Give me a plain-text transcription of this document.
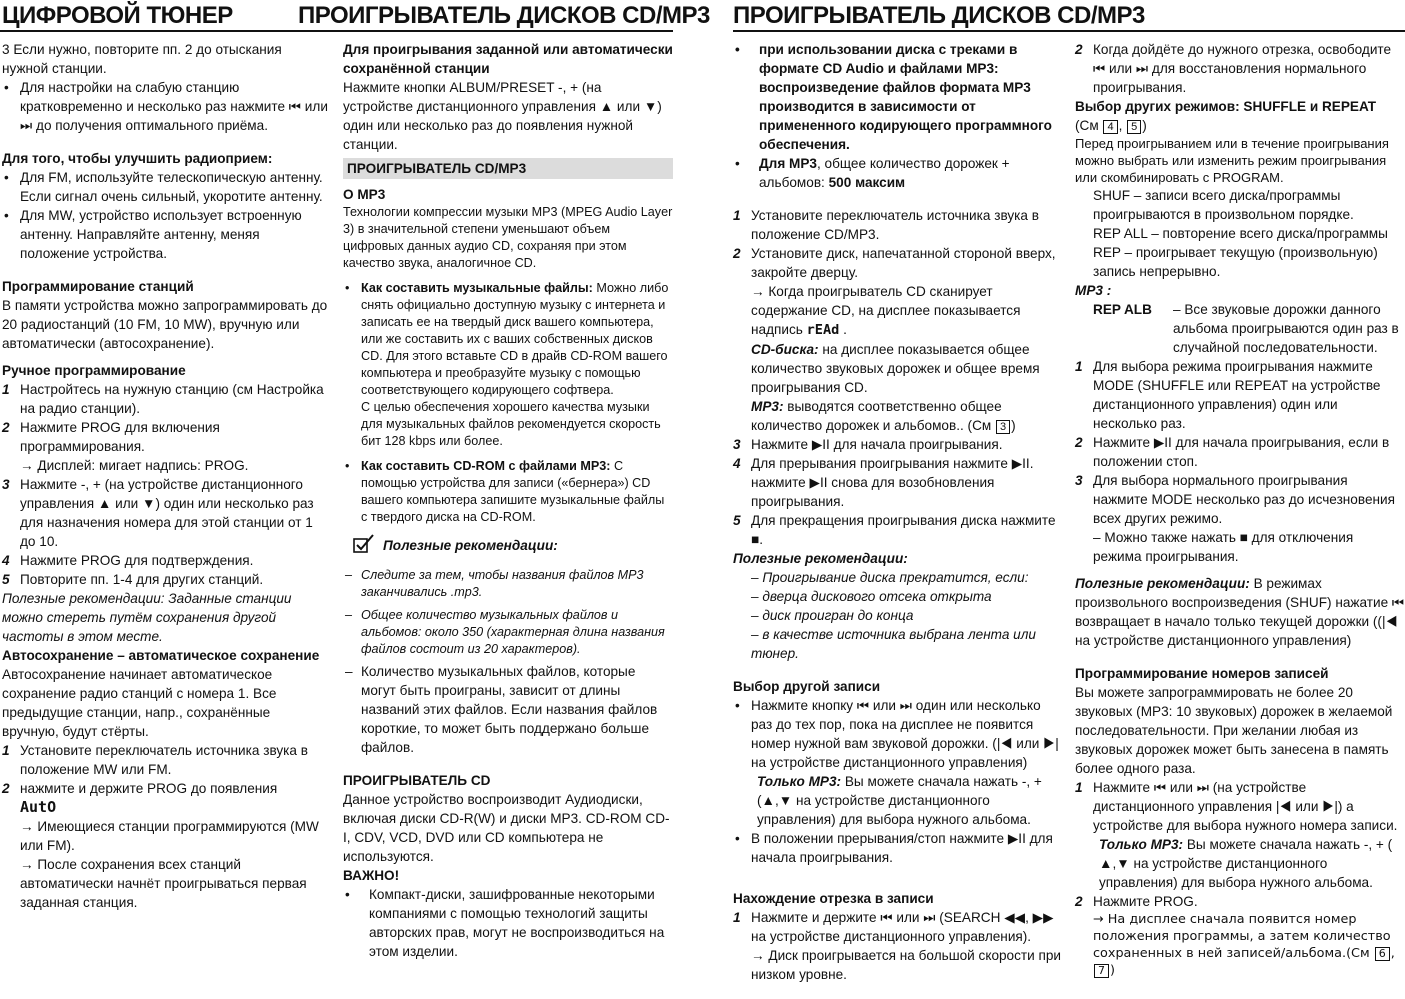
ЦИФРОВОЙ ТЮНЕР	ПРОИГРЫВАТЕЛЬ ДИСКОВ CD/MP3 ПРОИГРЫВАТЕЛЬ ДИСКОВ CD/MP3

3 Если нужно, повторите пп. 2 до отыскания нужной станции.

• Для настройки на слабую станцию кратковременно и несколько раз нажмите ⏮ или ⏭ до получения оптимального приёма.

Для того, чтобы улучшить радиоприем:

• Для FM, используйте телескопическую антенну. Если сигнал очень сильный, укоротите антенну.
• Для MW, устройство использует встроенную антенну. Направляйте антенну, меняя положение устройства.

Программирование станций

В памяти устройства можно запрограммировать до 20 радиостанций (10 FM, 10 MW), вручную или автоматически (автосохранение).

Ручное программирование

1 Настройтесь на нужную станцию (см Настройка на радио станции).
2 Нажмите PROG для включения программирования.
→ Дисплей: мигает надпись: PROG.
3 Нажмите -, + (на устройстве дистанционного управления ▲ или ▼) один или несколько раз для назначения номера для этой станции от 1 до 10.
4 Нажмите PROG для подтверждения.
5 Повторите пп. 1-4 для других станций.

Полезные рекомендации: Заданные станции можно стереть путём сохранения другой частоты в этом месте.

Автосохранение – автоматическое сохранение

Автосохранение начинает автоматическое сохранение радио станций с номера 1. Все предыдущие станции, напр., сохранённые вручную, будут стёрты.

1 Установите переключатель источника звука в положение MW или FM.
2 нажмите и держите PROG до появления
AutO
→ Имеющиеся станции программируются (MW или FM).
→ После сохранения всех станций автоматически начнёт проигрываться первая заданная станция.

Для проигрывания заданной или автоматически сохранённой станции

Нажмите кнопки ALBUM/PRESET -, + (на устройстве дистанционного управления ▲ или ▼) один или несколько раз до появления нужной станции.

ПРОИГРЫВАТЕЛЬ CD/MP3

О MP3

Технологии компрессии музыки MP3 (MPEG Audio Layer 3) в значительной степени уменьшают объем цифровых данных аудио CD, сохраняя при этом качество звука, аналогичное CD.

• Как составить музыкальные файлы: Можно либо снять официально доступную музыку с интернета и записать ее на твердый диск вашего компьютера, или же составить их с ваших собственных дисков CD. Для этого вставьте CD в драйв CD-ROM вашего компьютера и преобразуйте музыку с помощью соответствующего кодирующего софтвера.
С целью обеспечения хорошего качества музыки для музыкальных файлов рекомендуется скорость бит 128 kbps или более.
• Как составить CD-ROM с файлами MP3: С помощью устройства для записи («бернера») CD вашего компьютера запишите музыкальные файлы с твердого диска на CD-ROM.

Полезные рекомендации:

– Следите за тем, чтобы названия файлов MP3 заканчивались .mp3.
– Общее количество музыкальных файлов и альбомов: около 350 (характерная длина названия файлов состоит из 20 характеров).
– Количество музыкальных файлов, которые могут быть проиграны, зависит от длины названий этих файлов. Если названия файлов короткие, то может быть поддержано больше файлов.

ПРОИГРЫВАТЕЛЬ CD

Данное устройство воспроизводит Аудиодиски, включая диски CD-R(W) и диски MP3. CD-ROM CD-I, CDV, VCD, DVD или CD компьютера не используются.

ВАЖНО!

• Компакт-диски, зашифрованные некоторыми компаниями с помощью технологий защиты авторских прав, могут не воспроизводиться на этом изделии.
• при использовании диска с треками в формате CD Audio и файлами MP3: воспроизведение файлов формата MP3 производится в зависимости от примененного кодирующего программного обеспечения.
• Для MP3, общее количество дорожек + альбомов: 500 максим
1 Установите переключатель источника звука в положение CD/MP3.
2 Установите диск, напечатанной стороной вверх, закройте дверцу.
→ Когда проигрыватель CD сканирует содержание CD, на дисплее показывается надпись rEAd .
CD-биска: на дисплее показывается общее количество звуковых дорожек и общее время проигрывания CD.
MP3: выводятся соответственно общее количество дорожек и альбомов.. (См 3 )
3 Нажмите ▶II для начала проигрывания.
4 Для прерывания проигрывания нажмите ▶II. нажмите ▶II снова для возобновления проигрывания.
5 Для прекращения проигрывания диска нажмите ■.

Полезные рекомендации:

– Проигрывание диска прекратится, если:
– дверца дискового отсека открыта
– диск проигран до конца
– в качестве источника выбрана лента или тюнер.

Выбор другой записи

• Нажмите кнопку ⏮ или ⏭ один или несколько раз до тех пор, пока на дисплее не появится номер нужной вам звуковой дорожки. (|◀ или ▶| на устройстве дистанционного управления)
Только MP3: Вы можете сначала нажать -, + (▲,▼ на устройстве дистанционного управления) для выбора нужного альбома.
• В положении прерывания/стоп нажмите ▶II для начала проигрывания.

Нахождение отрезка в записи

1 Нажмите и держите ⏮ или ⏭ (SEARCH ◀◀, ▶▶ на устройстве дистанционного управления).
→ Диск проигрывается на большой скорости при низком уровне.
2 Когда дойдёте до нужного отрезка, освободите ⏮ или ⏭ для восстановления нормального проигрывания.

Выбор других режимов: SHUFFLE и REPEAT

(См 4 , 5 )

Перед проигрыванием или в течение проигрывания можно выбрать или изменить режим проигрывания или скомбинировать с PROGRAM.

SHUF – записи всего диска/программы проигрываются в произвольном порядке.
REP ALL – повторение всего диска/программы
REP – проигрывает текущую (произвольную) запись непрерывно.

MP3 :

REP ALB	– Все звуковые дорожки данного альбома проигрываются один раз в случайной последовательности.
1 Для выбора режима проигрывания нажмите MODE (SHUFFLE или REPEAT на устройстве дистанционного управления) один или несколько раз.
2 Нажмите ▶II для начала проигрывания, если в положении стоп.
3 Для выбора нормального проигрывания нажмите MODE несколько раз до исчезновения всех других режимо.
– Можно также нажать ■ для отключения режима проигрывания.

Полезные рекомендации: В режимах произвольного воспроизведения (SHUF) нажатие ⏮ возвращает в начало только текущей дорожки ((|◀ на устройстве дистанционного управления)

Программирование номеров записей

Вы можете запрограммировать не более 20 звуковых (MP3: 10 звуковых) дорожек в желаемой последовательности. При желании любая из звуковых дорожек может быть занесена в память более одного раза.

1 Нажмите ⏮ или ⏭ (на устройстве дистанционного управления |◀ или ▶|) а устройстве для выбора нужного номера записи.
Только MP3: Вы можете сначала нажать -, + ( ▲,▼ на устройстве дистанционного управления) для выбора нужного альбома.
2 Нажмите PROG.
→ На дисплее сначала появится номер положения программы, а затем количество сохраненных в ней записей/альбома.(См 6 , 7 )
